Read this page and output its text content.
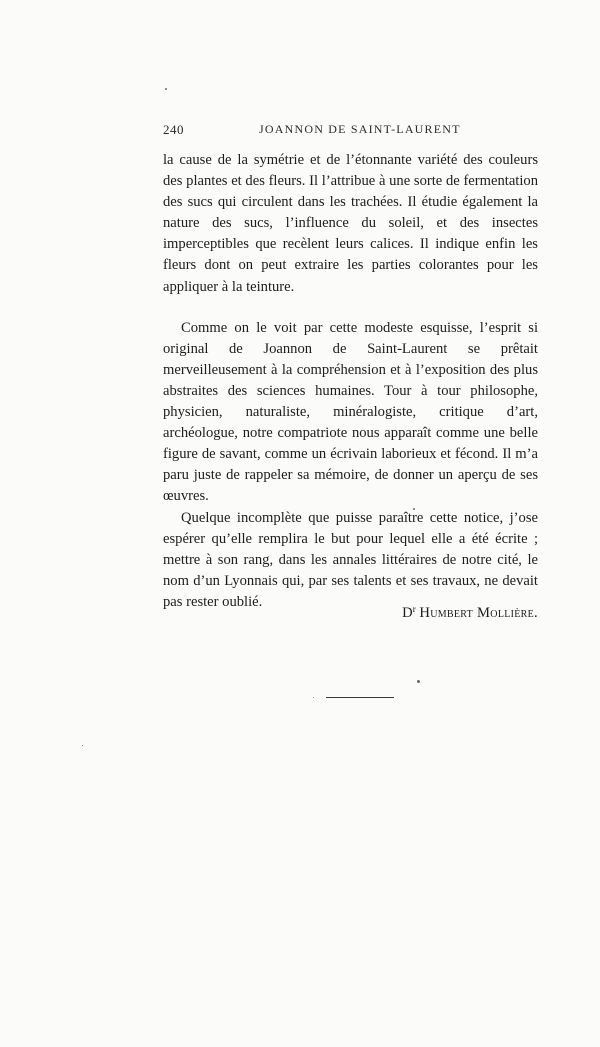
240	JOANNON DE SAINT-LAURENT

la cause de la symétrie et de l’étonnante variété des couleurs des plantes et des fleurs. Il l’attribue à une sorte de fermentation des sucs qui circulent dans les trachées. Il étudie également la nature des sucs, l’influence du soleil, et des insectes imperceptibles que recèlent leurs calices. Il indique enfin les fleurs dont on peut extraire les parties colorantes pour les appliquer à la teinture.

Comme on le voit par cette modeste esquisse, l’esprit si original de Joannon de Saint-Laurent se prêtait merveilleusement à la compréhension et à l’exposition des plus abstraites des sciences humaines. Tour à tour philosophe, physicien, naturaliste, minéralogiste, critique d’art, archéologue, notre compatriote nous apparaît comme une belle figure de savant, comme un écrivain laborieux et fécond. Il m’a paru juste de rappeler sa mémoire, de donner un aperçu de ses œuvres.

Quelque incomplète que puisse paraître cette notice, j’ose espérer qu’elle remplira le but pour lequel elle a été écrite ; mettre à son rang, dans les annales littéraires de notre cité, le nom d’un Lyonnais qui, par ses talents et ses travaux, ne devait pas rester oublié.

$D^r$ Humbert Mollière.
